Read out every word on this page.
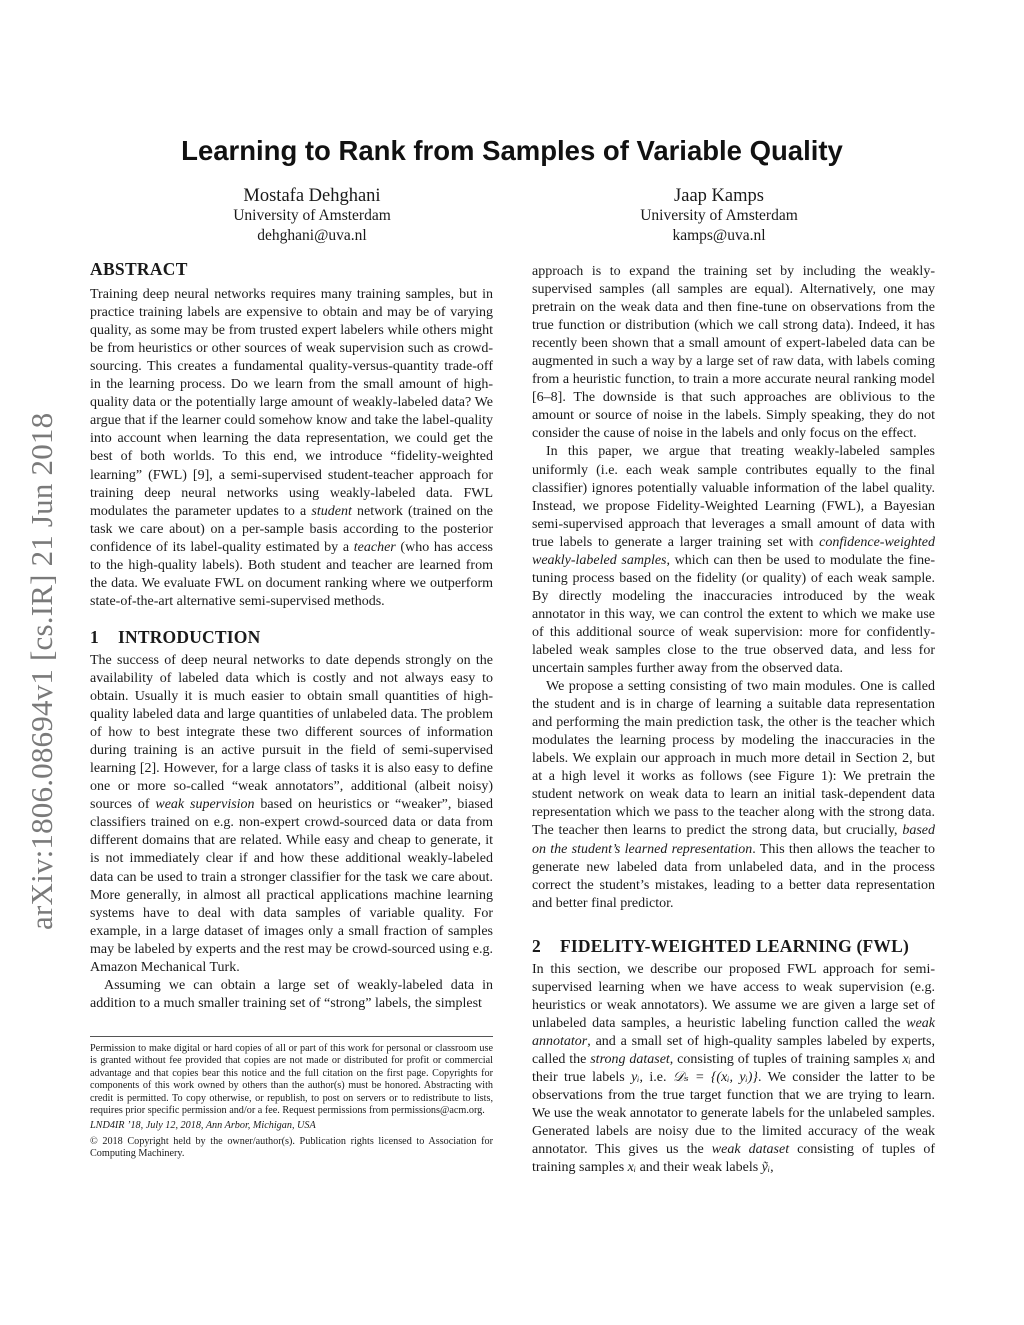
arXiv:1806.08694v1 [cs.IR] 21 Jun 2018
Learning to Rank from Samples of Variable Quality
Mostafa Dehghani
University of Amsterdam
dehghani@uva.nl
Jaap Kamps
University of Amsterdam
kamps@uva.nl
ABSTRACT

Training deep neural networks requires many training samples, but in practice training labels are expensive to obtain and may be of varying quality, as some may be from trusted expert labelers while others might be from heuristics or other sources of weak supervision such as crowd-sourcing. This creates a fundamental quality-versus-quantity trade-off in the learning process. Do we learn from the small amount of high-quality data or the potentially large amount of weakly-labeled data? We argue that if the learner could somehow know and take the label-quality into account when learning the data representation, we could get the best of both worlds. To this end, we introduce “fidelity-weighted learning” (FWL) [9], a semi-supervised student-teacher approach for training deep neural networks using weakly-labeled data. FWL modulates the parameter updates to a student network (trained on the task we care about) on a per-sample basis according to the posterior confidence of its label-quality estimated by a teacher (who has access to the high-quality labels). Both student and teacher are learned from the data. We evaluate FWL on document ranking where we outperform state-of-the-art alternative semi-supervised methods.

1 INTRODUCTION

The success of deep neural networks to date depends strongly on the availability of labeled data which is costly and not always easy to obtain. Usually it is much easier to obtain small quantities of high-quality labeled data and large quantities of unlabeled data. The problem of how to best integrate these two different sources of information during training is an active pursuit in the field of semi-supervised learning [2]. However, for a large class of tasks it is also easy to define one or more so-called “weak annotators”, additional (albeit noisy) sources of weak supervision based on heuristics or “weaker”, biased classifiers trained on e.g. non-expert crowd-sourced data or data from different domains that are related. While easy and cheap to generate, it is not immediately clear if and how these additional weakly-labeled data can be used to train a stronger classifier for the task we care about. More generally, in almost all practical applications machine learning systems have to deal with data samples of variable quality. For example, in a large dataset of images only a small fraction of samples may be labeled by experts and the rest may be crowd-sourced using e.g. Amazon Mechanical Turk.

Assuming we can obtain a large set of weakly-labeled data in addition to a much smaller training set of “strong” labels, the simplest

Permission to make digital or hard copies of all or part of this work for personal or classroom use is granted without fee provided that copies are not made or distributed for profit or commercial advantage and that copies bear this notice and the full citation on the first page. Copyrights for components of this work owned by others than the author(s) must be honored. Abstracting with credit is permitted. To copy otherwise, or republish, to post on servers or to redistribute to lists, requires prior specific permission and/or a fee. Request permissions from permissions@acm.org.

LND4IR ’18, July 12, 2018, Ann Arbor, Michigan, USA

© 2018 Copyright held by the owner/author(s). Publication rights licensed to Association for Computing Machinery.

approach is to expand the training set by including the weakly-supervised samples (all samples are equal). Alternatively, one may pretrain on the weak data and then fine-tune on observations from the true function or distribution (which we call strong data). Indeed, it has recently been shown that a small amount of expert-labeled data can be augmented in such a way by a large set of raw data, with labels coming from a heuristic function, to train a more accurate neural ranking model [6–8]. The downside is that such approaches are oblivious to the amount or source of noise in the labels. Simply speaking, they do not consider the cause of noise in the labels and only focus on the effect.

In this paper, we argue that treating weakly-labeled samples uniformly (i.e. each weak sample contributes equally to the final classifier) ignores potentially valuable information of the label quality. Instead, we propose Fidelity-Weighted Learning (FWL), a Bayesian semi-supervised approach that leverages a small amount of data with true labels to generate a larger training set with confidence-weighted weakly-labeled samples, which can then be used to modulate the fine-tuning process based on the fidelity (or quality) of each weak sample. By directly modeling the inaccuracies introduced by the weak annotator in this way, we can control the extent to which we make use of this additional source of weak supervision: more for confidently-labeled weak samples close to the true observed data, and less for uncertain samples further away from the observed data.

We propose a setting consisting of two main modules. One is called the student and is in charge of learning a suitable data representation and performing the main prediction task, the other is the teacher which modulates the learning process by modeling the inaccuracies in the labels. We explain our approach in much more detail in Section 2, but at a high level it works as follows (see Figure 1): We pretrain the student network on weak data to learn an initial task-dependent data representation which we pass to the teacher along with the strong data. The teacher then learns to predict the strong data, but crucially, based on the student’s learned representation. This then allows the teacher to generate new labeled data from unlabeled data, and in the process correct the student’s mistakes, leading to a better data representation and better final predictor.

2 FIDELITY-WEIGHTED LEARNING (FWL)

In this section, we describe our proposed FWL approach for semi-supervised learning when we have access to weak supervision (e.g. heuristics or weak annotators). We assume we are given a large set of unlabeled data samples, a heuristic labeling function called the weak annotator, and a small set of high-quality samples labeled by experts, called the strong dataset, consisting of tuples of training samples xᵢ and their true labels yᵢ, i.e. 𝒟ₛ = {(xᵢ, yᵢ)}. We consider the latter to be observations from the true target function that we are trying to learn. We use the weak annotator to generate labels for the unlabeled samples. Generated labels are noisy due to the limited accuracy of the weak annotator. This gives us the weak dataset consisting of tuples of training samples xᵢ and their weak labels ỹᵢ,
